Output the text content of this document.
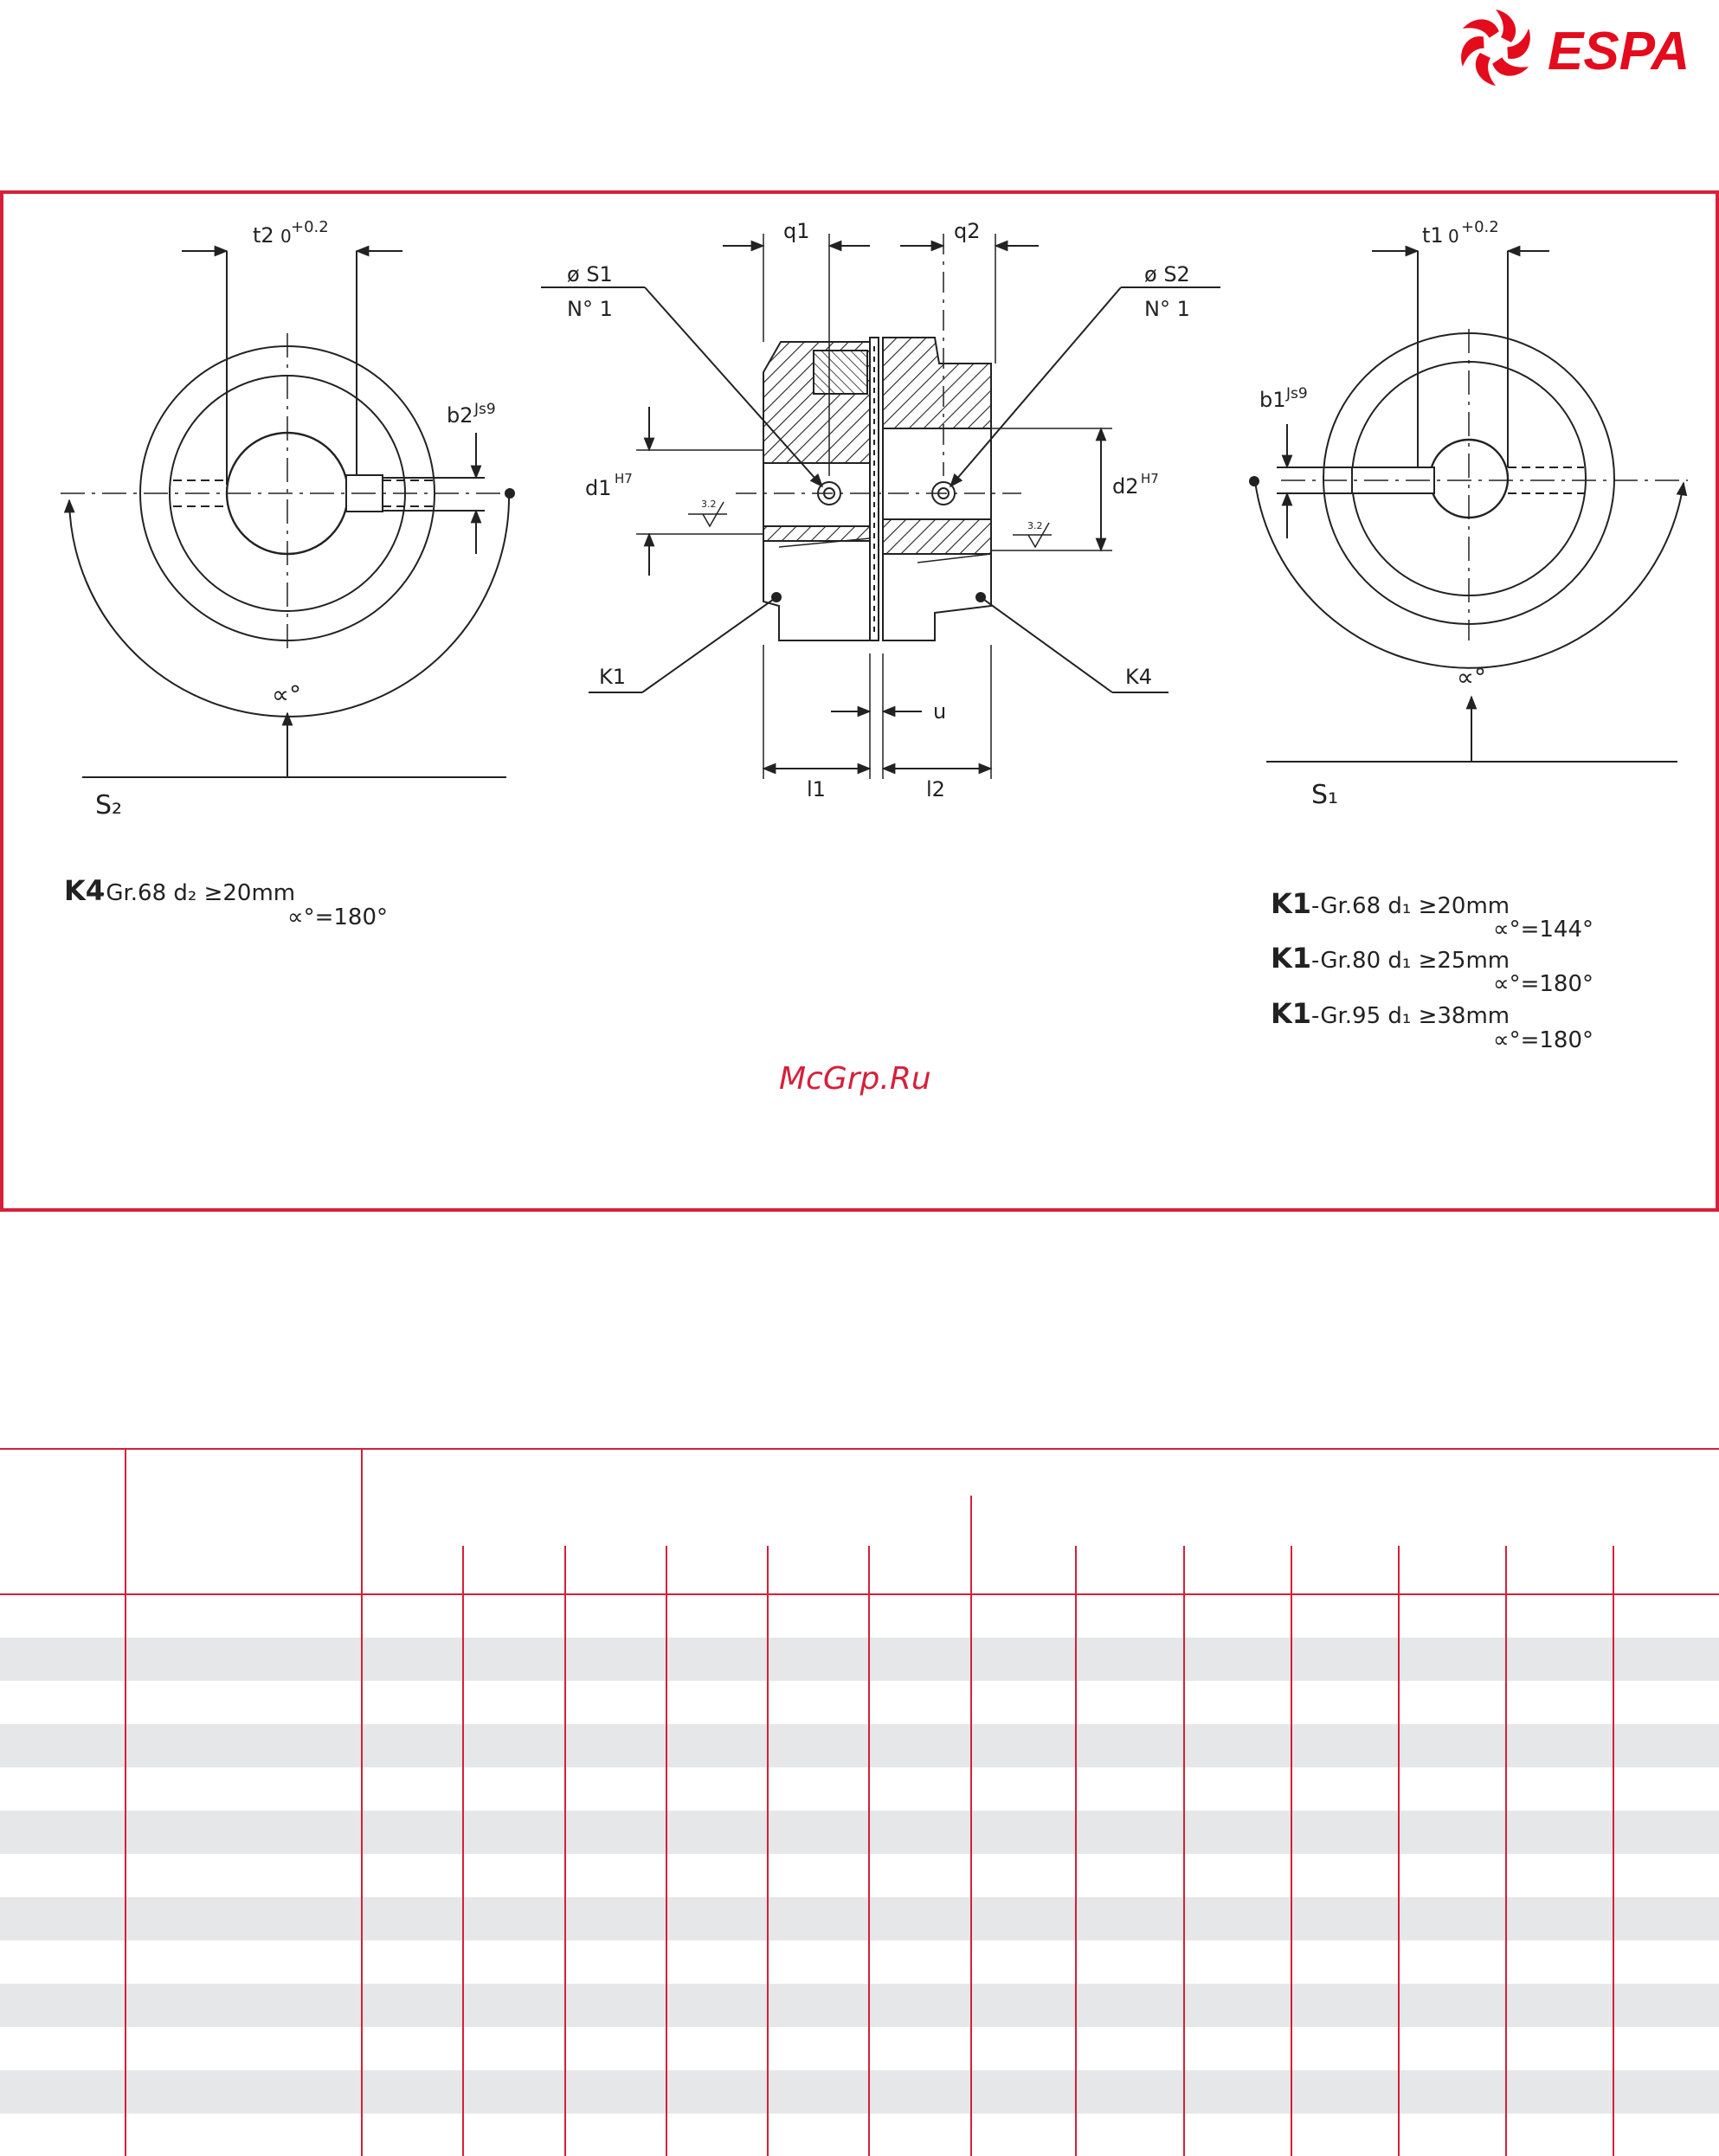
ESPA
t2 0 +0.2
b2 Js9
∝°
S₂
q1	q2
ø S1
N° 1
ø S2
N° 1
d1 H7	d2 H7
3.2
3.2
K1	K4
u
l1	l2
t1 0 +0.2
b1 Js9
∝°
S₁
K4
-Gr.68 d₂ ≥20mm
∝°=180°	K1 -Gr.68 d₁ ≥20mm
∝°=144°
K1 -Gr.80 d₁ ≥25mm
∝°=180°
K1 -Gr.95 d₁ ≥38mm
∝°=180°
McGrp.Ru
